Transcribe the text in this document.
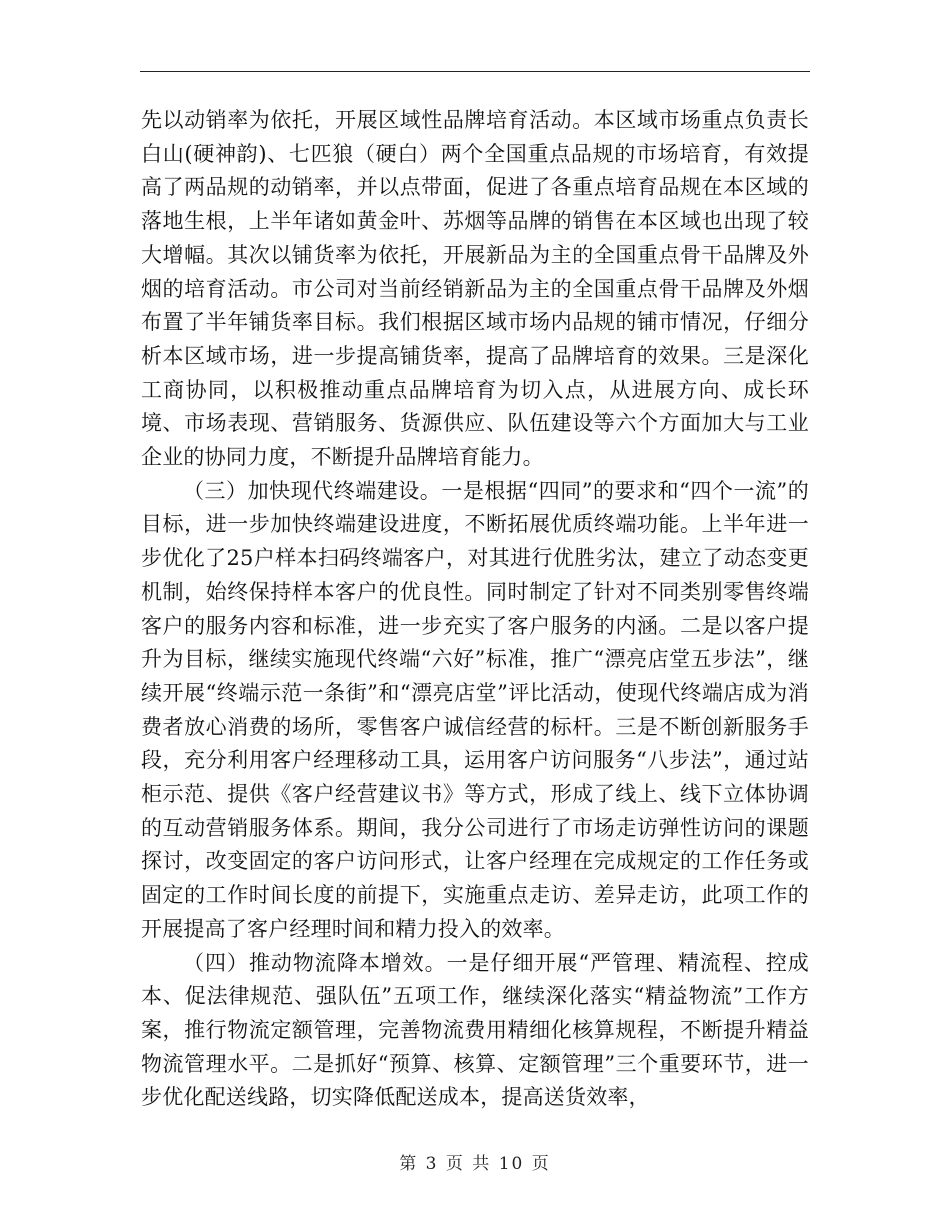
先以动销率为依托，开展区域性品牌培育活动。本区域市场重点负责长白山(硬神韵)、七匹狼（硬白）两个全国重点品规的市场培育，有效提高了两品规的动销率，并以点带面，促进了各重点培育品规在本区域的落地生根，上半年诸如黄金叶、苏烟等品牌的销售在本区域也出现了较大增幅。其次以铺货率为依托，开展新品为主的全国重点骨干品牌及外烟的培育活动。市公司对当前经销新品为主的全国重点骨干品牌及外烟布置了半年铺货率目标。我们根据区域市场内品规的铺市情况，仔细分析本区域市场，进一步提高铺货率，提高了品牌培育的效果。三是深化工商协同，以积极推动重点品牌培育为切入点，从进展方向、成长环境、市场表现、营销服务、货源供应、队伍建设等六个方面加大与工业企业的协同力度，不断提升品牌培育能力。

（三）加快现代终端建设。一是根据“四同”的要求和“四个一流”的目标，进一步加快终端建设进度，不断拓展优质终端功能。上半年进一步优化了25户样本扫码终端客户，对其进行优胜劣汰，建立了动态变更机制，始终保持样本客户的优良性。同时制定了针对不同类别零售终端客户的服务内容和标准，进一步充实了客户服务的内涵。二是以客户提升为目标，继续实施现代终端“六好”标准，推广“漂亮店堂五步法”，继续开展“终端示范一条街”和“漂亮店堂”评比活动，使现代终端店成为消费者放心消费的场所，零售客户诚信经营的标杆。三是不断创新服务手段，充分利用客户经理移动工具，运用客户访问服务“八步法”，通过站柜示范、提供《客户经营建议书》等方式，形成了线上、线下立体协调的互动营销服务体系。期间，我分公司进行了市场走访弹性访问的课题探讨，改变固定的客户访问形式，让客户经理在完成规定的工作任务或固定的工作时间长度的前提下，实施重点走访、差异走访，此项工作的开展提高了客户经理时间和精力投入的效率。

（四）推动物流降本增效。一是仔细开展“严管理、精流程、控成本、促法律规范、强队伍”五项工作，继续深化落实“精益物流”工作方案，推行物流定额管理，完善物流费用精细化核算规程，不断提升精益物流管理水平。二是抓好“预算、核算、定额管理”三个重要环节，进一步优化配送线路，切实降低配送成本，提高送货效率，

第 3 页 共 10 页
